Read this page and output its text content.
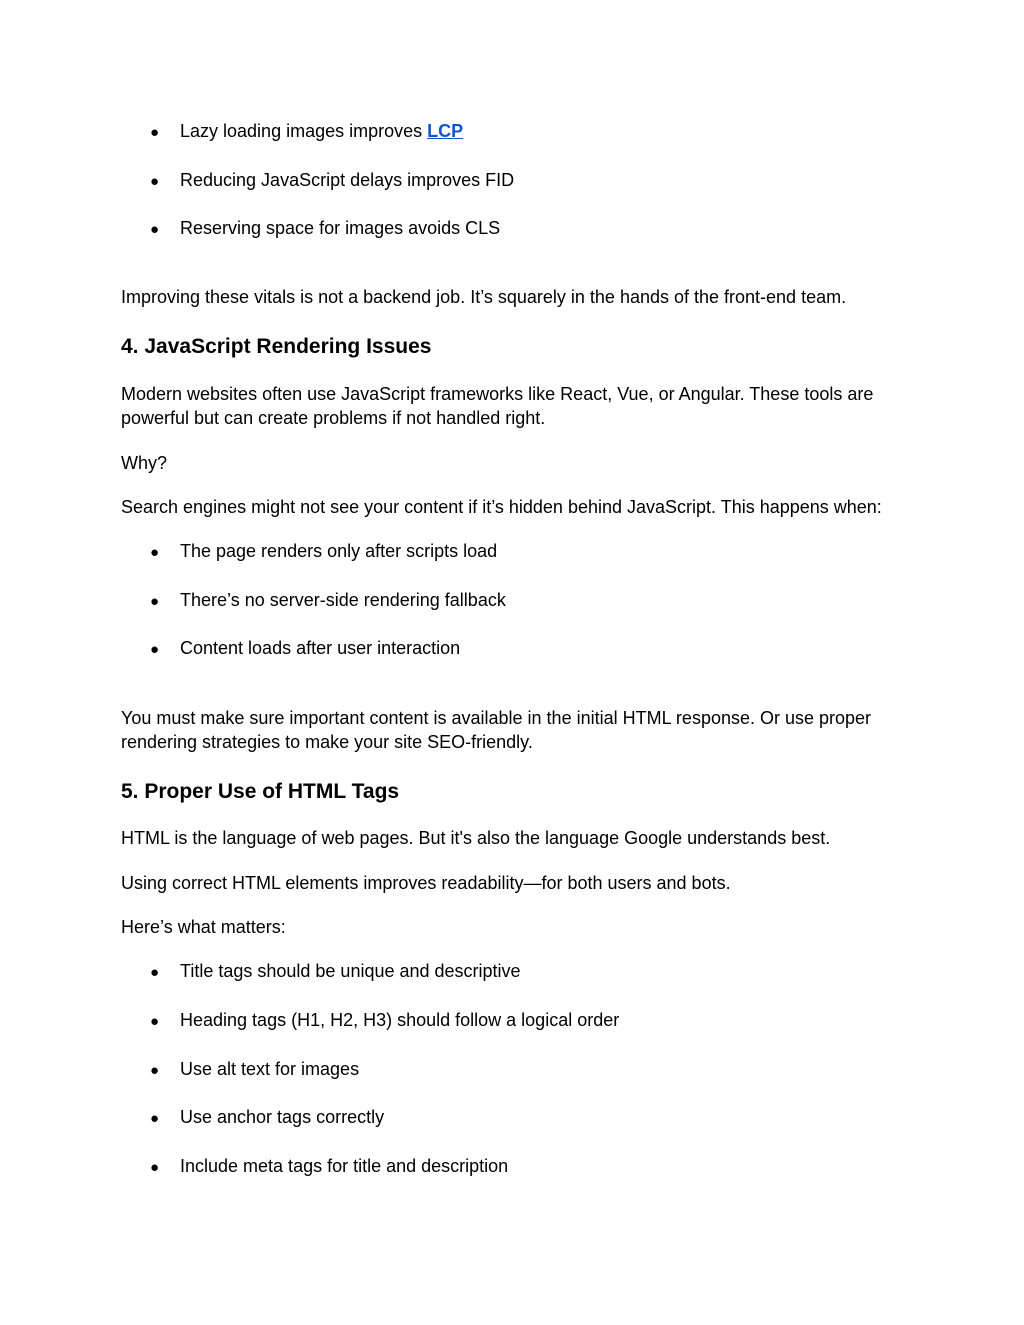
● Lazy loading images improves LCP
● Reducing JavaScript delays improves FID
● Reserving space for images avoids CLS

Improving these vitals is not a backend job. It’s squarely in the hands of the front-end team.

4. JavaScript Rendering Issues

Modern websites often use JavaScript frameworks like React, Vue, or Angular. These tools are powerful but can create problems if not handled right.

Why?

Search engines might not see your content if it’s hidden behind JavaScript. This happens when:

● The page renders only after scripts load
● There’s no server-side rendering fallback
● Content loads after user interaction

You must make sure important content is available in the initial HTML response. Or use proper rendering strategies to make your site SEO-friendly.

5. Proper Use of HTML Tags

HTML is the language of web pages. But it's also the language Google understands best.

Using correct HTML elements improves readability—for both users and bots.

Here’s what matters:

● Title tags should be unique and descriptive
● Heading tags (H1, H2, H3) should follow a logical order
● Use alt text for images
● Use anchor tags correctly
● Include meta tags for title and description
